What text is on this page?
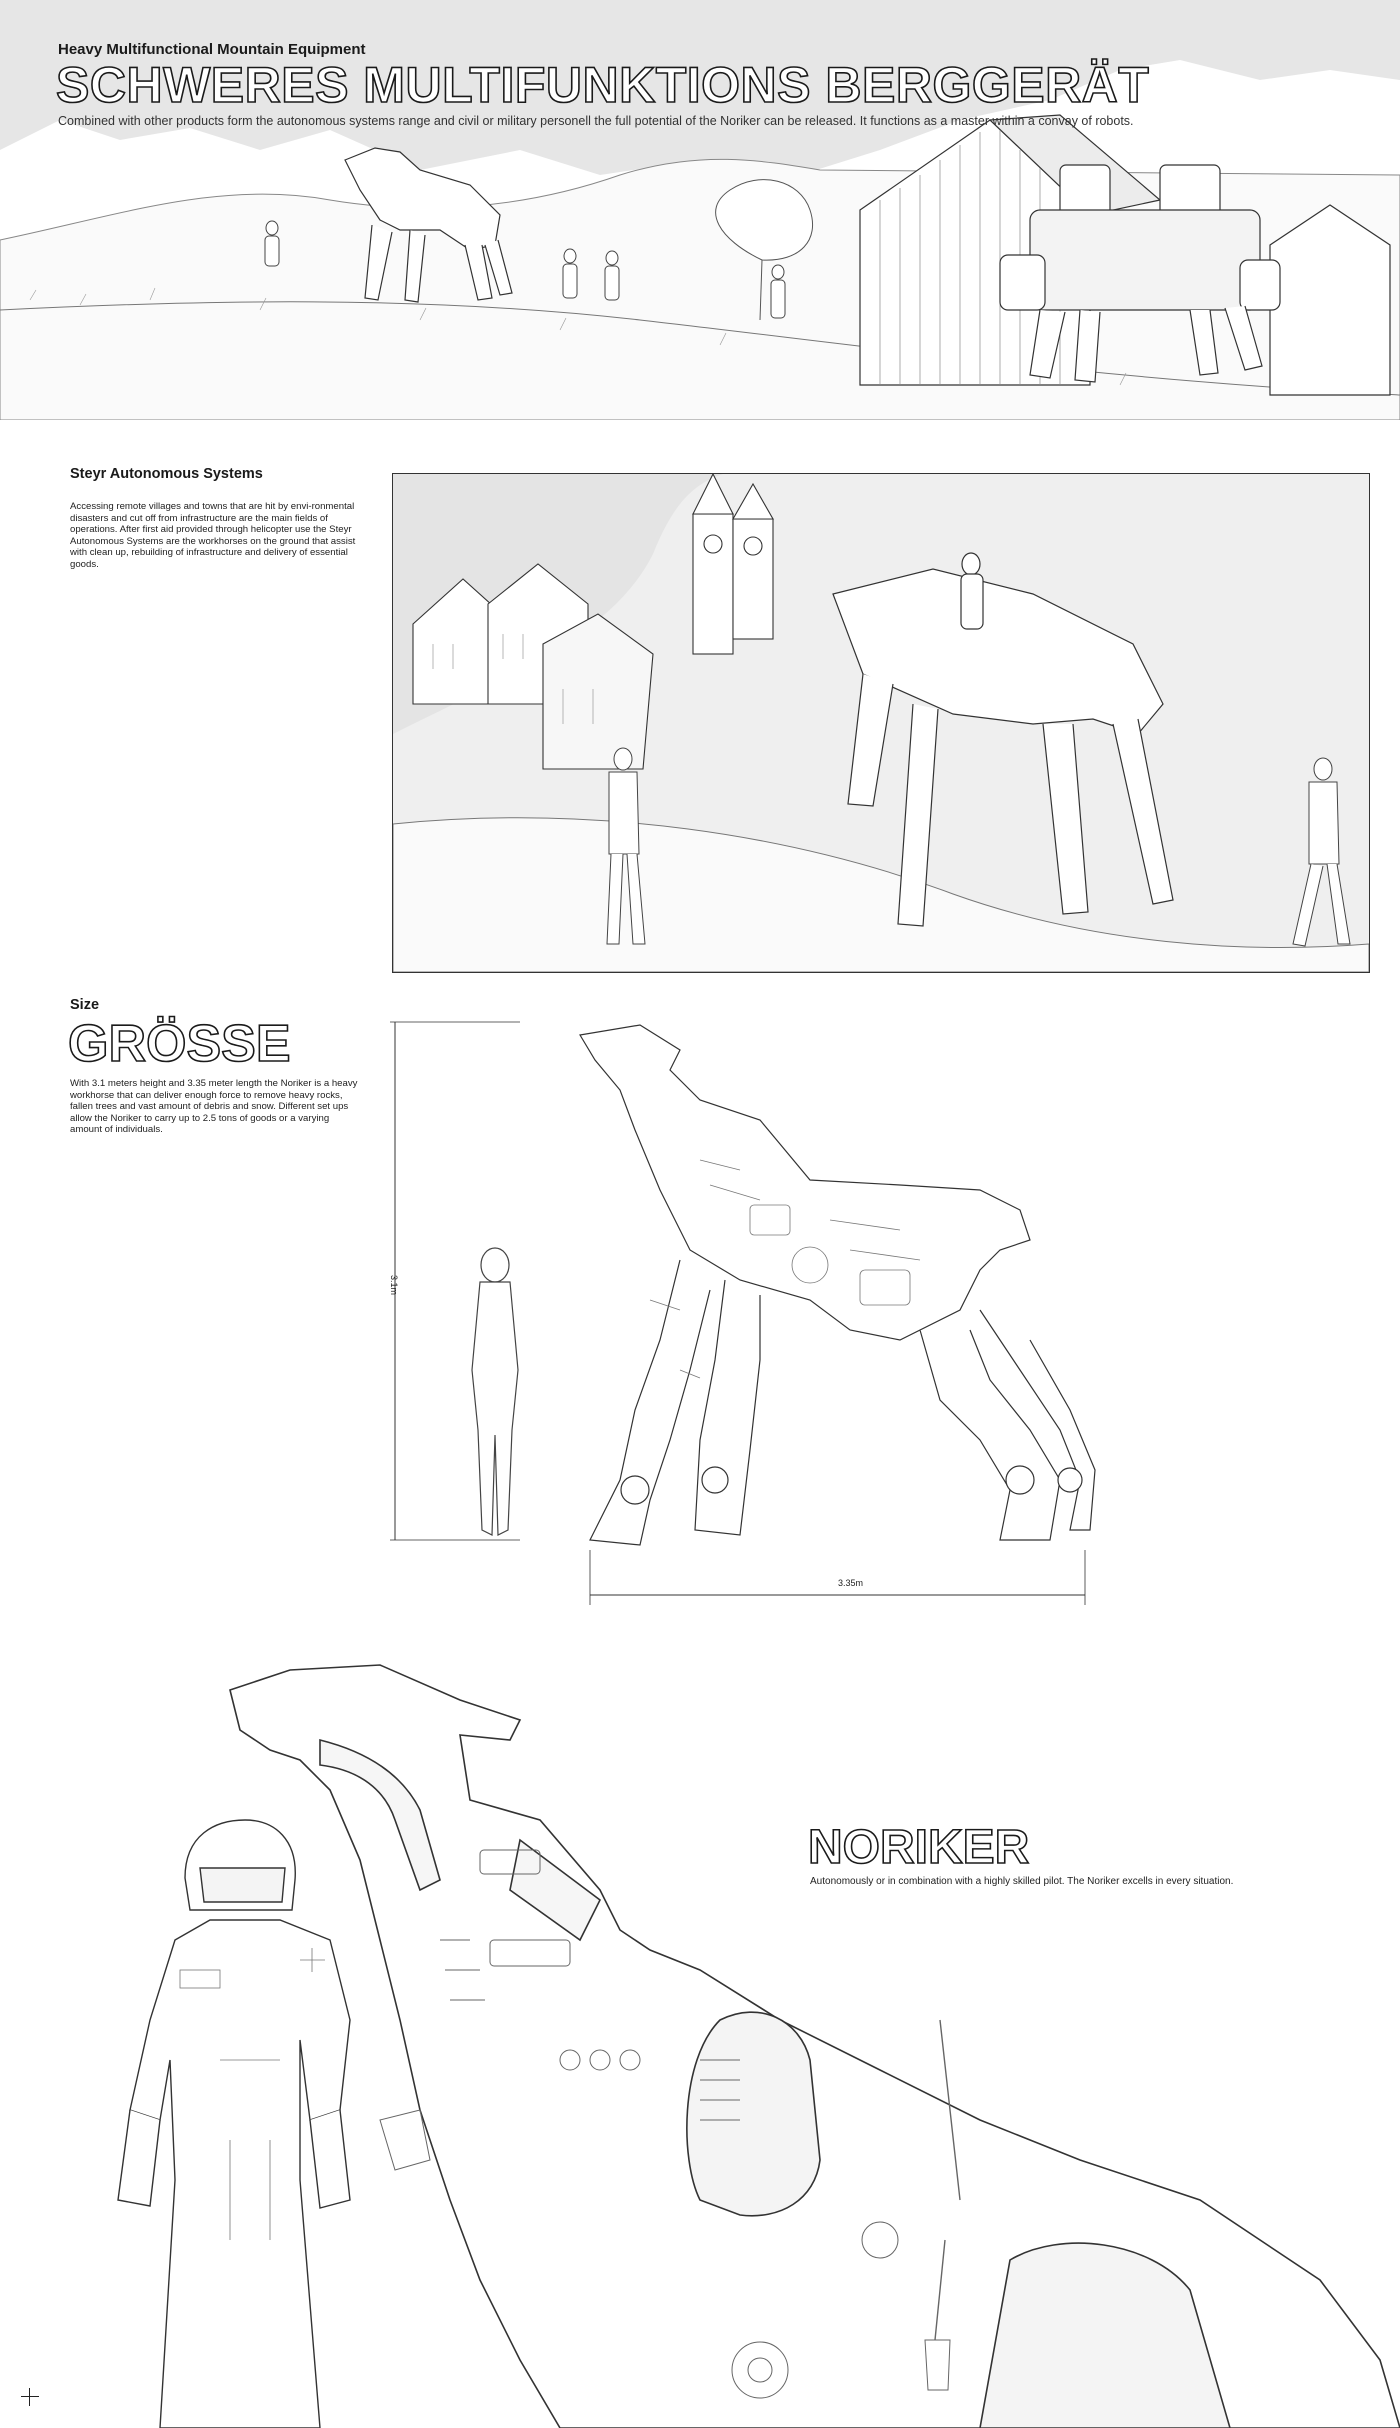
Heavy Multifunctional Mountain Equipment
SCHWERES MULTIFUNKTIONS BERGGERÄT
Combined with other products form the autonomous systems range and civil or military personell the full potential of the Noriker can be released. It functions as a master within a convay of robots.
Steyr Autonomous Systems
Accessing remote villages and towns that are hit by envi-ronmental disasters and cut off from infrastructure are the main fields of operations. After first aid provided through helicopter use the Steyr Autonomous Systems are the workhorses on the ground that assist with clean up, rebuilding of infrastructure and delivery of essential goods.
Size
GRÖSSE
With 3.1 meters height and 3.35 meter length the Noriker is a heavy workhorse that can deliver enough force to remove heavy rocks, fallen trees and vast amount of debris and snow. Different set ups allow the Noriker to carry up to 2.5 tons of goods or a varying amount of individuals.
3.1m
3.35m
NORIKER
Autonomously or in combination with a highly skilled pilot. The Noriker excells in every situation.
